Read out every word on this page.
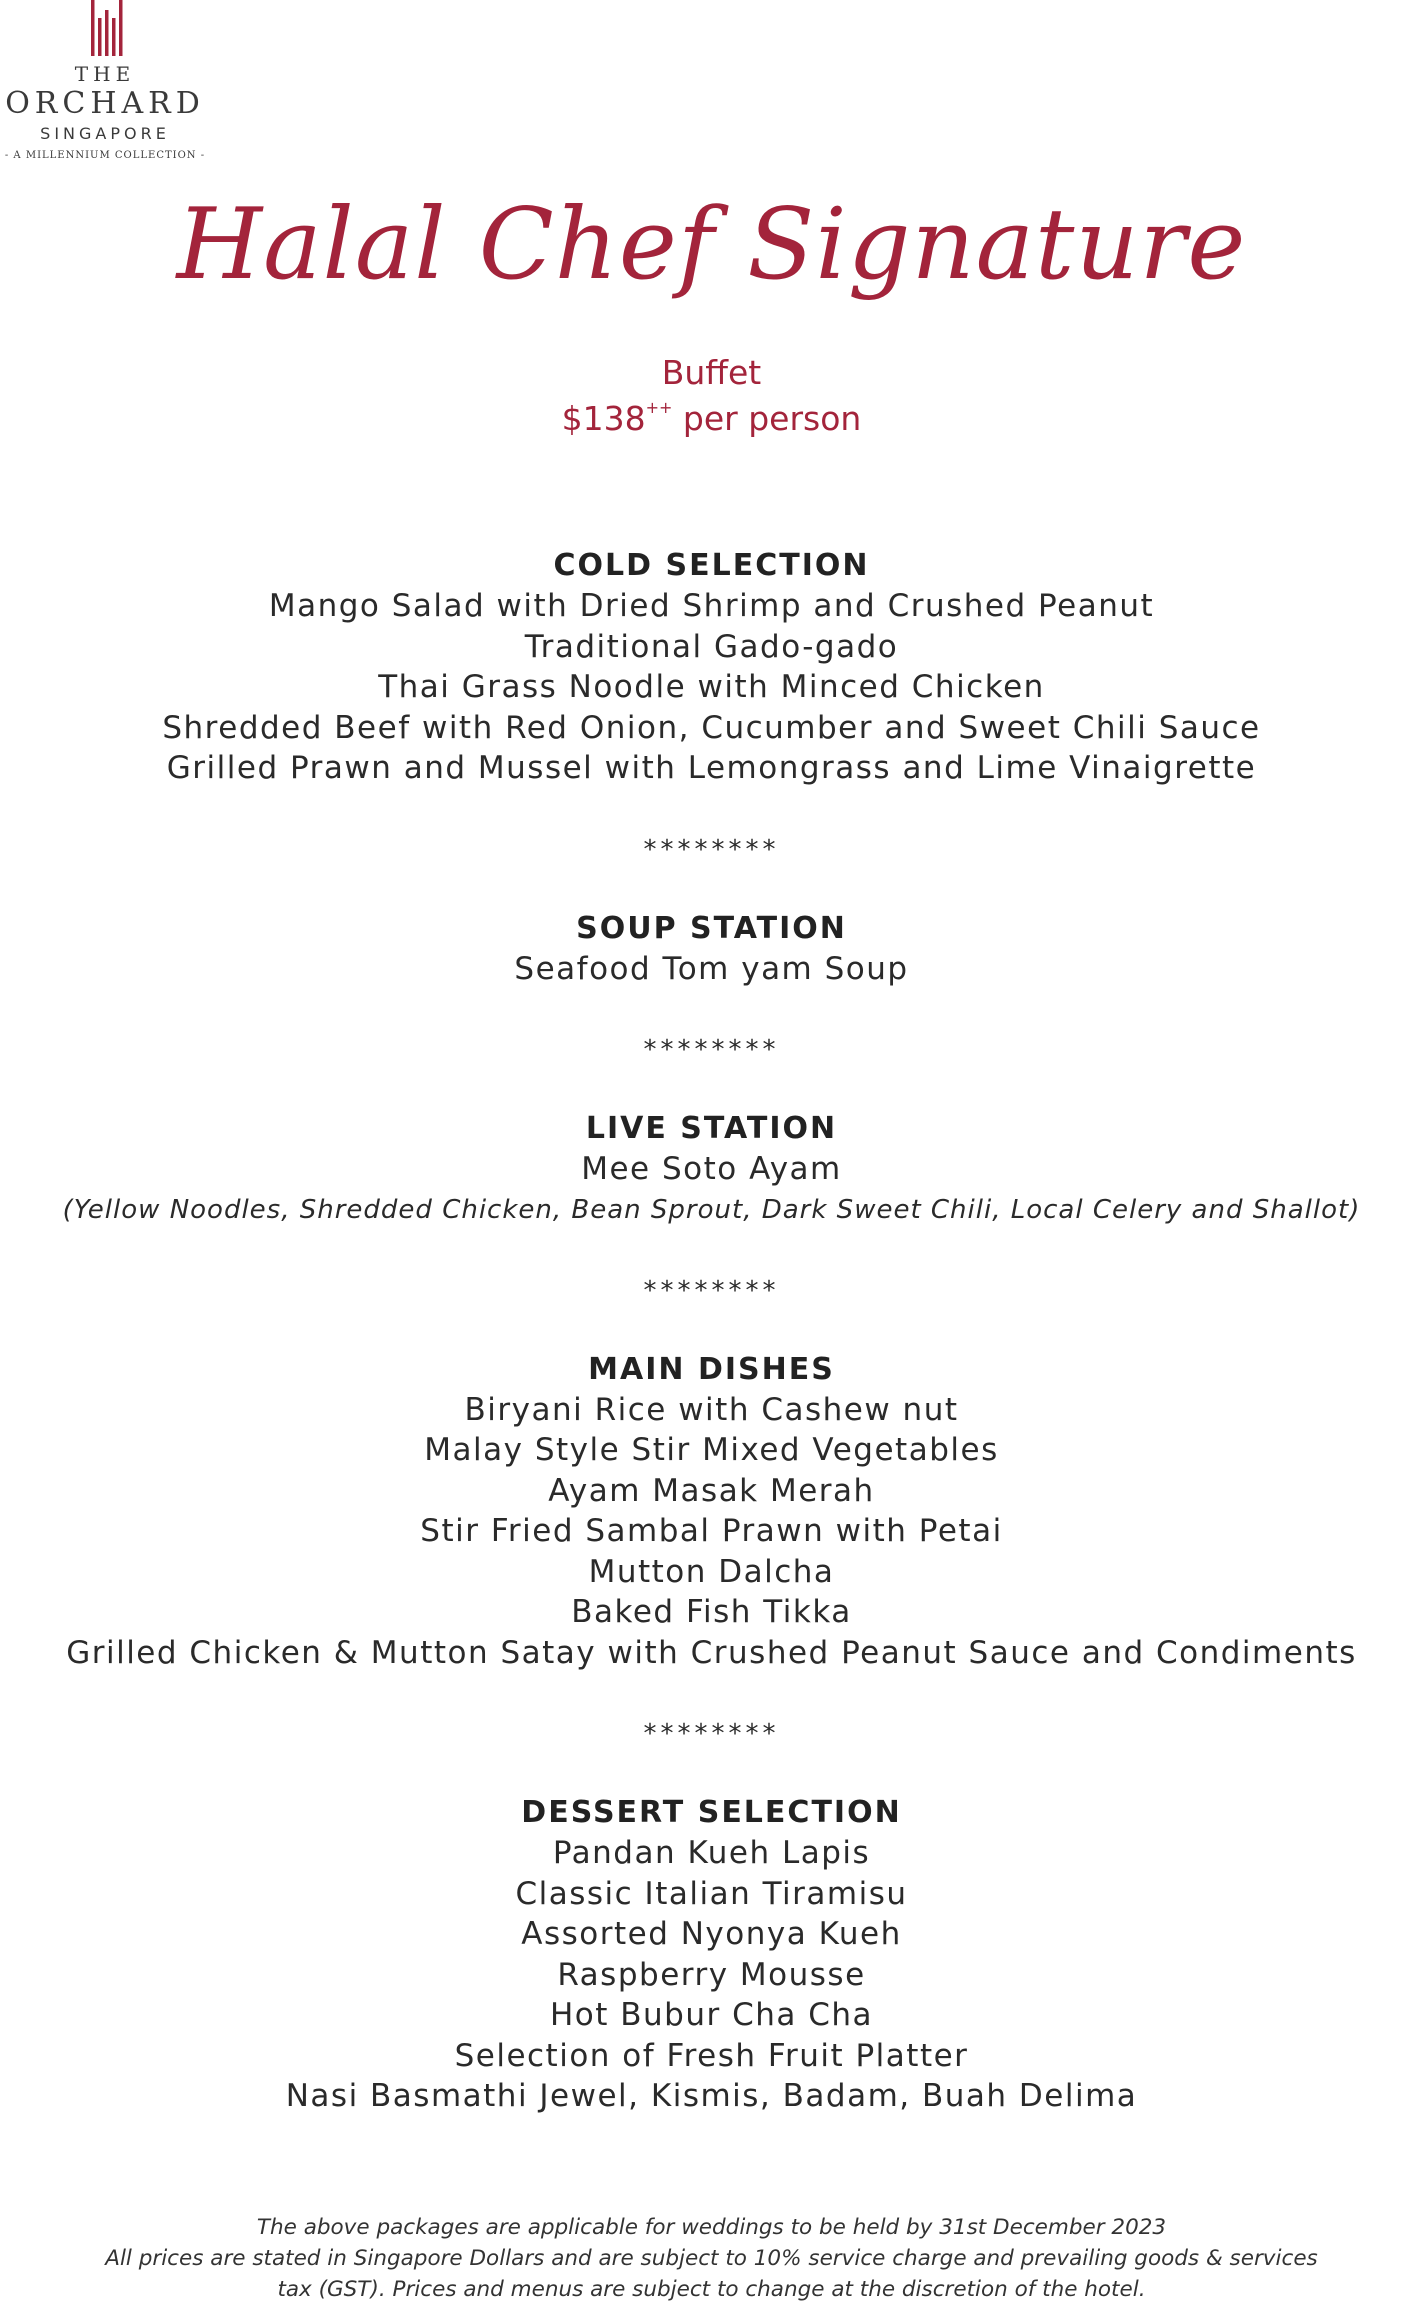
THE
ORCHARD
SINGAPORE
- A MILLENNIUM COLLECTION -
Halal Chef Signature
Buffet
$138++ per person
COLD SELECTION
Mango Salad with Dried Shrimp and Crushed Peanut
Traditional Gado-gado
Thai Grass Noodle with Minced Chicken
Shredded Beef with Red Onion, Cucumber and Sweet Chili Sauce
Grilled Prawn and Mussel with Lemongrass and Lime Vinaigrette
********
SOUP STATION
Seafood Tom yam Soup
********
LIVE STATION
Mee Soto Ayam
(Yellow Noodles, Shredded Chicken, Bean Sprout, Dark Sweet Chili, Local Celery and Shallot)
********
MAIN DISHES
Biryani Rice with Cashew nut
Malay Style Stir Mixed Vegetables
Ayam Masak Merah
Stir Fried Sambal Prawn with Petai
Mutton Dalcha
Baked Fish Tikka
Grilled Chicken & Mutton Satay with Crushed Peanut Sauce and Condiments
********
DESSERT SELECTION
Pandan Kueh Lapis
Classic Italian Tiramisu
Assorted Nyonya Kueh
Raspberry Mousse
Hot Bubur Cha Cha
Selection of Fresh Fruit Platter
Nasi Basmathi Jewel, Kismis, Badam, Buah Delima
The above packages are applicable for weddings to be held by 31st December 2023
All prices are stated in Singapore Dollars and are subject to 10% service charge and prevailing goods & services
tax (GST). Prices and menus are subject to change at the discretion of the hotel.
